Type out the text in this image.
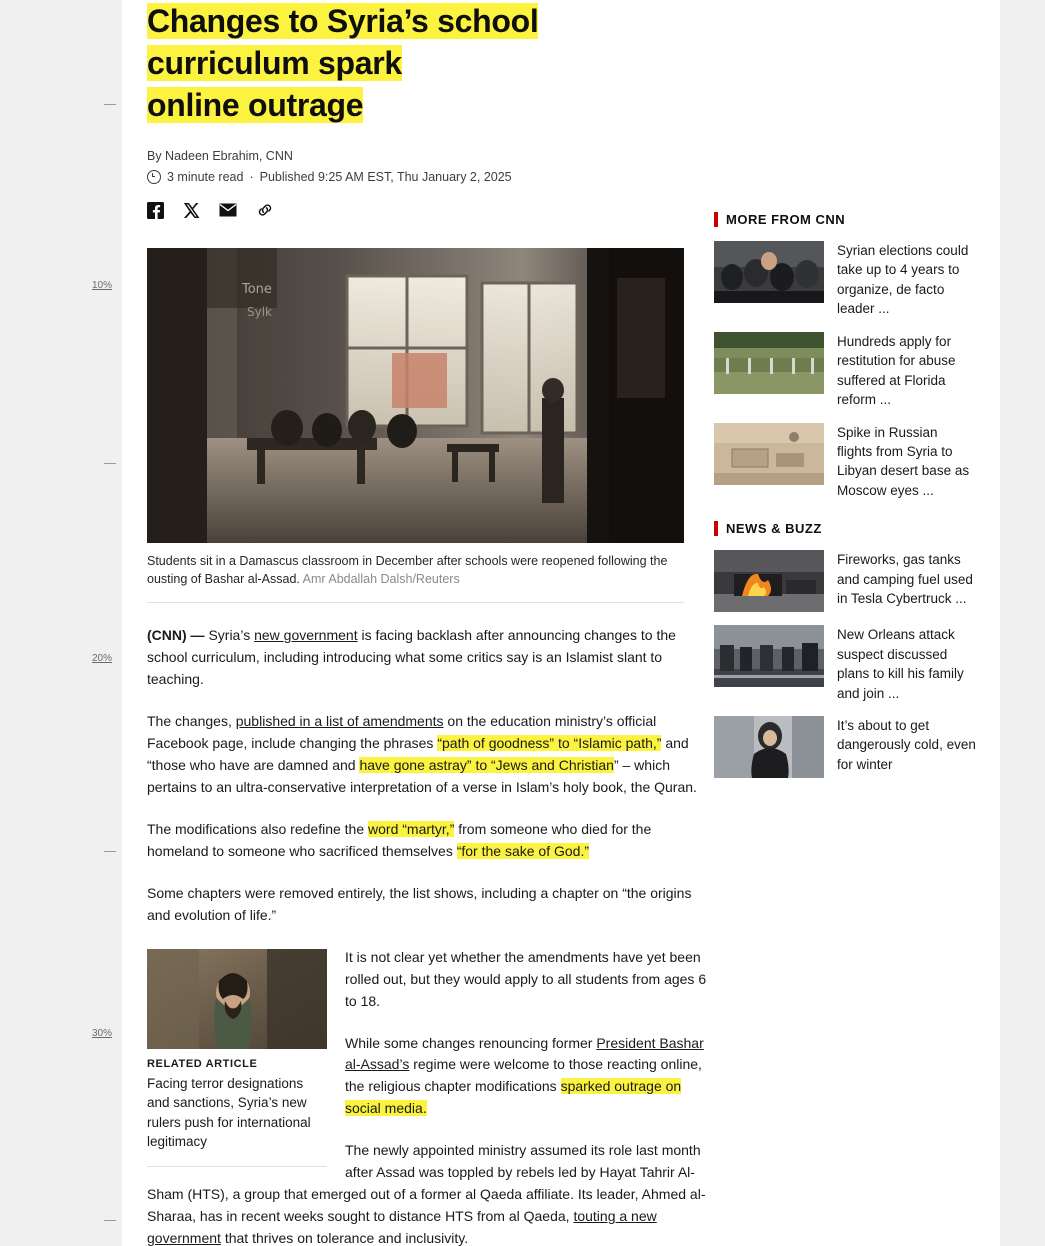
10%
20%
30%
Changes to Syria’s school curriculum spark
online outrage
By Nadeen Ebrahim, CNN
3 minute read · Published 9:25 AM EST, Thu January 2, 2025
Tone
Sylk
Students sit in a Damascus classroom in December after schools were reopened following the ousting of Bashar al-Assad. Amr Abdallah Dalsh/Reuters

(CNN) — Syria’s new government is facing backlash after announcing changes to the school curriculum, including introducing what some critics say is an Islamist slant to teaching.

The changes, published in a list of amendments on the education ministry’s official Facebook page, include changing the phrases “path of goodness” to “Islamic path,” and “those who have are damned and have gone astray” to “Jews and Christian” – which pertains to an ultra-conservative interpretation of a verse in Islam’s holy book, the Quran.

The modifications also redefine the word “martyr,” from someone who died for the homeland to someone who sacrificed themselves “for the sake of God.”

Some chapters were removed entirely, the list shows, including a chapter on “the origins and evolution of life.”

RELATED ARTICLE
Facing terror designations and sanctions, Syria’s new rulers push for international legitimacy

It is not clear yet whether the amendments have yet been rolled out, but they would apply to all students from ages 6 to 18.

While some changes renouncing former President Bashar al-Assad’s regime were welcome to those reacting online, the religious chapter modifications sparked outrage on social media.

The newly appointed ministry assumed its role last month after Assad was toppled by rebels led by Hayat Tahrir Al-Sham (HTS), a group that emerged out of a former al Qaeda affiliate. Its leader, Ahmed al-Sharaa, has in recent weeks sought to distance HTS from al Qaeda, touting a new government that thrives on tolerance and inclusivity.

MORE FROM CNN
Syrian elections could take up to 4 years to organize, de facto leader ...
Hundreds apply for restitution for abuse suffered at Florida reform ...
Spike in Russian flights from Syria to Libyan desert base as Moscow eyes ...
NEWS & BUZZ
Fireworks, gas tanks and camping fuel used in Tesla Cybertruck ...
New Orleans attack suspect discussed plans to kill his family and join ...
It’s about to get dangerously cold, even for winter
